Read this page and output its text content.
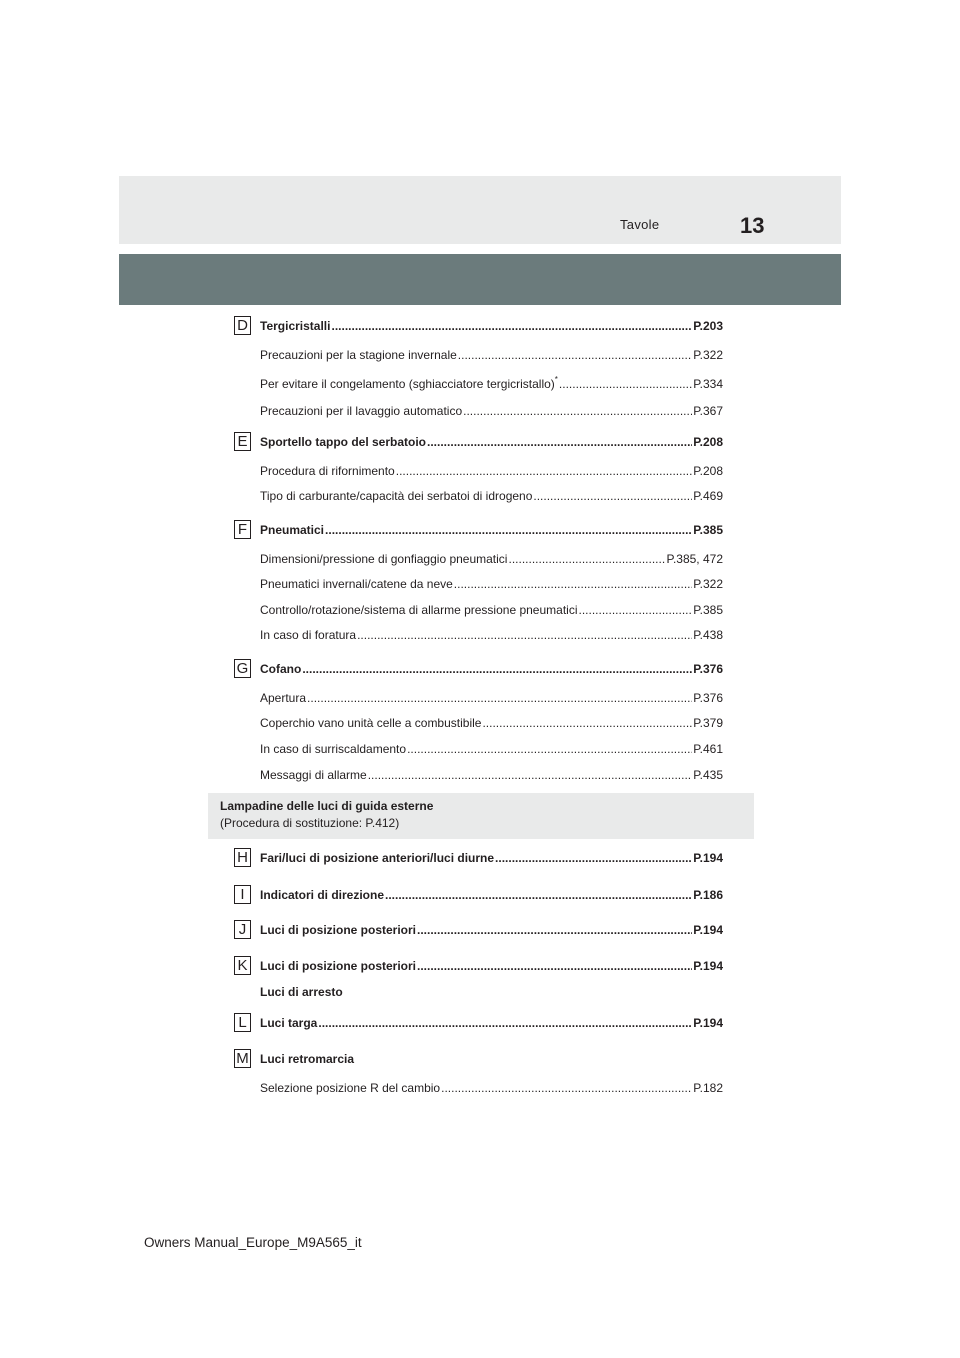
Tavole	13
D Tergicristalli .....	P.203
Precauzioni per la stagione invernale .....	P.322
Per evitare il congelamento (sghiacciatore tergicristallo)* .....	P.334
Precauzioni per il lavaggio automatico .....	P.367
E Sportello tappo del serbatoio .....	P.208
Procedura di rifornimento .....	P.208
Tipo di carburante/capacità dei serbatoi di idrogeno .....	P.469
F	Pneumatici .....	P.385
Dimensioni/pressione di gonfiaggio pneumatici .....	P.385, 472
Pneumatici invernali/catene da neve .....	P.322
Controllo/rotazione/sistema di allarme pressione pneumatici .....	P.385
In caso di foratura .....	P.438
G Cofano .....	P.376
Apertura .....	P.376
Coperchio vano unità celle a combustibile .....	P.379
In caso di surriscaldamento .....	P.461
Messaggi di allarme .....	P.435
Lampadine delle luci di guida esterne
(Procedura di sostituzione: P.412)
H Fari/luci di posizione anteriori/luci diurne .....	P.194
I	Indicatori di direzione .....	P.186
J	Luci di posizione posteriori .....	P.194
K Luci di posizione posteriori .....	P.194
Luci di arresto
L	Luci targa .....	P.194
M Luci retromarcia
Selezione posizione R del cambio .....	P.182
Owners Manual_Europe_M9A565_it
